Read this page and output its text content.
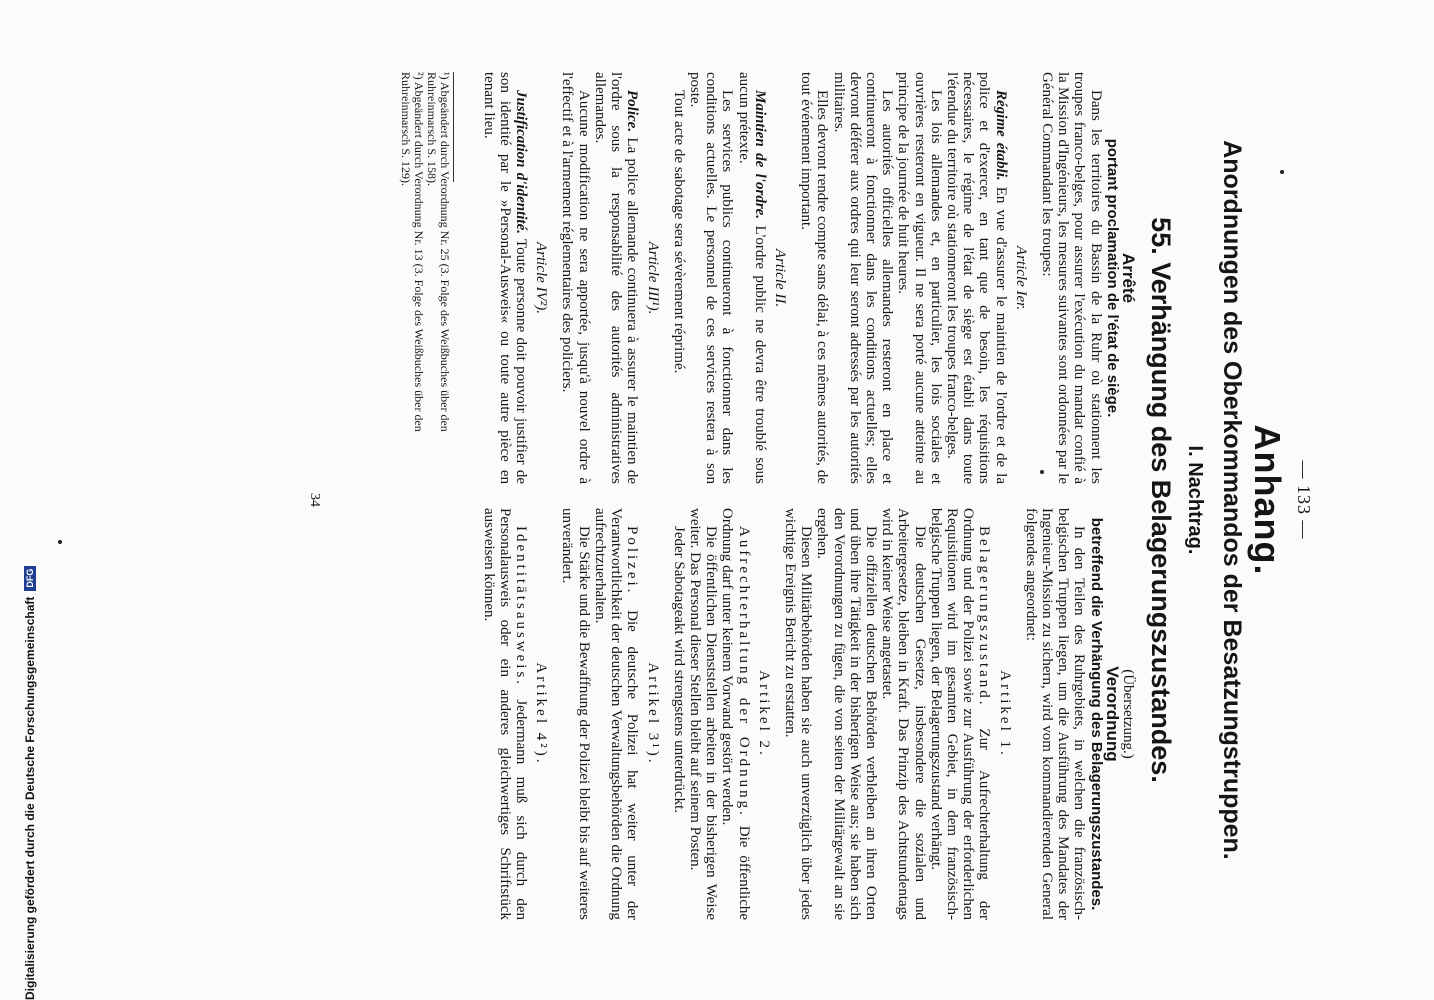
— 133 —
Anhang.
Anordnungen des Oberkommandos der Besatzungstruppen.
I. Nachtrag.
55. Verhängung des Belagerungszustandes.
Arrêté
portant proclamation de l'état de siège.

Dans les territoires du Bassin de la Ruhr où stationnent les troupes franco-belges, pour assurer l'exécution du mandat confié à la Mission d'Ingénieurs, les mesures suivantes sont ordonnées par le Général Commandant les troupes:

Article Ier.

Régime établi. En vue d'assurer le maintien de l'ordre et de la police et d'exercer, en tant que de besoin, les réquisitions nécessaires, le régime de l'état de siège est établi dans toute l'étendue du territoire où stationneront les troupes franco-belges.

Les lois allemandes et, en particulier, les lois sociales et ouvrières resteront en vigueur. Il ne sera porté aucune atteinte au principe de la journée de huit heures.

Les autorités officielles allemandes resteront en place et continueront à fonctionner dans les conditions actuelles; elles devront déférer aux ordres qui leur seront adressés par les autorités militaires.

Elles devront rendre compte sans délai, à ces mêmes autorités, de tout événement important.

Article II.

Maintien de l'ordre. L'ordre public ne devra être troublé sous aucun prétexte.

Les services publics continueront à fonctionner dans les conditions actuelles. Le personnel de ces services restera à son poste.

Tout acte de sabotage sera sévèrement réprimé.

Article III¹).

Police. La police allemande continuera à assurer le maintien de l'ordre sous la responsabilité des autorités administratives allemandes.

Aucune modification ne sera apportée, jusqu'à nouvel ordre à l'effectif et à l'armement réglementaires des policiers.

Article IV²).

Justification d'identité. Toute personne doit pouvoir justifier de son identité par le »Personal-Ausweis« ou toute autre pièce en tenant lieu.

(Übersetzung.)
Verordnung
betreffend die Verhängung des Belagerungszustandes.

In den Teilen des Ruhrgebiets, in welchen die französisch-belgischen Truppen liegen, um die Ausführung des Mandates der Ingenieur-Mission zu sichern, wird vom kommandierenden General folgendes angeordnet:

Artikel 1.

Belagerungszustand. Zur Aufrechterhaltung der Ordnung und der Polizei sowie zur Ausführung der erforderlichen Requisitionen wird im gesamten Gebiet, in dem französisch-belgische Truppen liegen, der Belagerungszustand verhängt.

Die deutschen Gesetze, insbesondere die sozialen und Arbeitergesetze, bleiben in Kraft. Das Prinzip des Achtstundentags wird in keiner Weise angetastet.

Die offiziellen deutschen Behörden verbleiben an ihren Orten und üben ihre Tätigkeit in der bisherigen Weise aus; sie haben sich den Verordnungen zu fügen, die von seiten der Militärgewalt an sie ergehen.

Diesen Militärbehörden haben sie auch unverzüglich über jedes wichtige Ereignis Bericht zu erstatten.

Artikel 2.

Aufrechterhaltung der Ordnung. Die öffentliche Ordnung darf unter keinem Vorwand gestört werden.

Die öffentlichen Dienststellen arbeiten in der bisherigen Weise weiter. Das Personal dieser Stellen bleibt auf seinem Posten.

Jeder Sabotageakt wird strengstens unterdrückt.

Artikel 3¹).

Polizei. Die deutsche Polizei hat weiter unter der Verantwortlichkeit der deutschen Verwaltungsbehörden die Ordnung aufrechtzuerhalten.

Die Stärke und die Bewaffnung der Polizei bleibt bis auf weiteres unverändert.

Artikel 4²).

Identitätsausweis. Jedermann muß sich durch den Personalausweis oder ein anderes gleichwertiges Schriftstück ausweisen können.

¹) Abgeändert durch Verordnung Nr. 25 (3. Folge des Weißbuches über den Ruhreinmarsch S. 158).
²) Abgeändert durch Verordnung Nr. 13 (3. Folge des Weißbuches über den Ruhreinmarsch S. 129).
34
Digitalisierung gefördert durch die Deutsche Forschungsgemeinschaft
DFG
